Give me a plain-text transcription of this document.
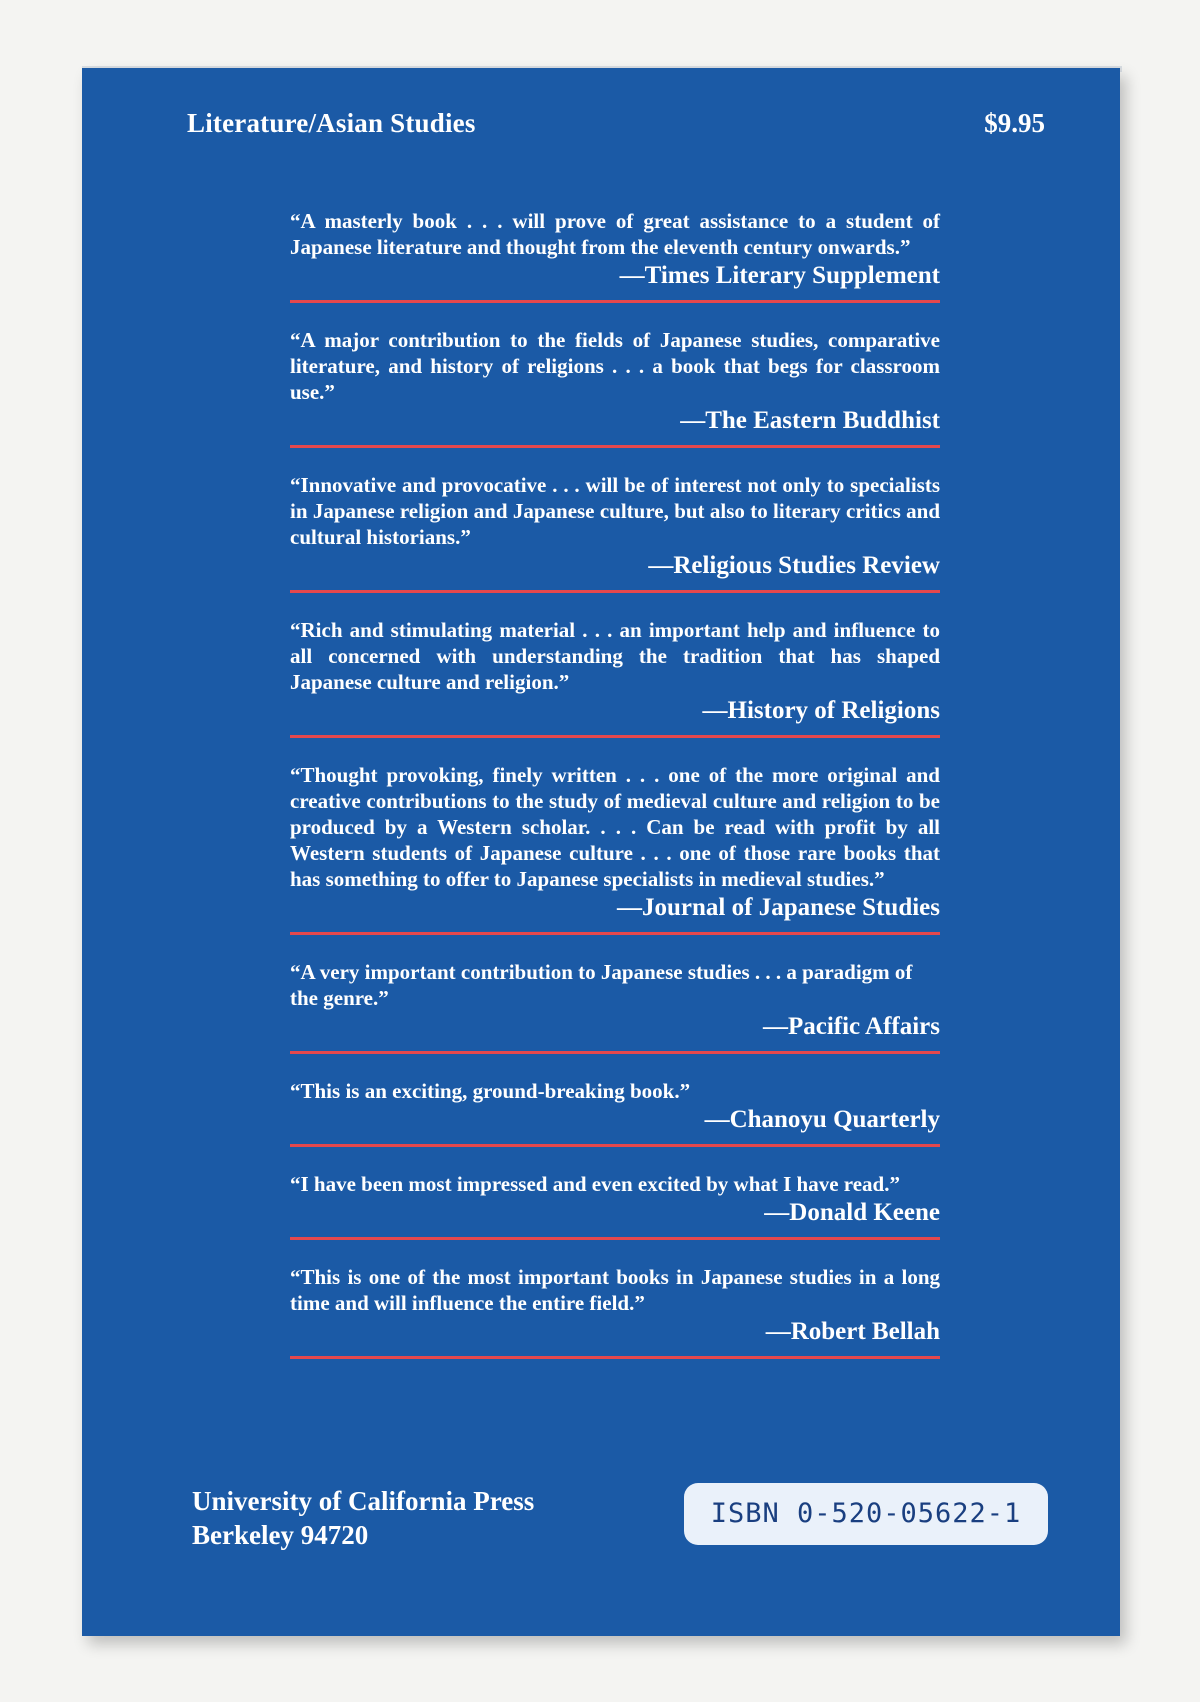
Literature/Asian Studies	$9.95
“A masterly book . . . will prove of great assistance to a student of Japanese literature and thought from the eleventh century onwards.”
—Times Literary Supplement
“A major contribution to the fields of Japanese studies, comparative literature, and history of religions . . . a book that begs for classroom use.”
—The Eastern Buddhist
“Innovative and provocative . . . will be of interest not only to specialists in Japanese religion and Japanese culture, but also to literary critics and cultural historians.”
—Religious Studies Review
“Rich and stimulating material . . . an important help and influence to all concerned with understanding the tradition that has shaped Japanese culture and religion.”
—History of Religions
“Thought provoking, finely written . . . one of the more original and creative contributions to the study of medieval culture and religion to be produced by a Western scholar. . . . Can be read with profit by all Western students of Japanese culture . . . one of those rare books that has something to offer to Japanese specialists in medieval studies.”
—Journal of Japanese Studies
“A very important contribution to Japanese studies . . . a paradigm of the genre.”
—Pacific Affairs
“This is an exciting, ground-breaking book.”
—Chanoyu Quarterly
“I have been most impressed and even excited by what I have read.”
—Donald Keene
“This is one of the most important books in Japanese studies in a long time and will influence the entire field.”
—Robert Bellah
University of California Press
Berkeley 94720
ISBN 0-520-05622-1
